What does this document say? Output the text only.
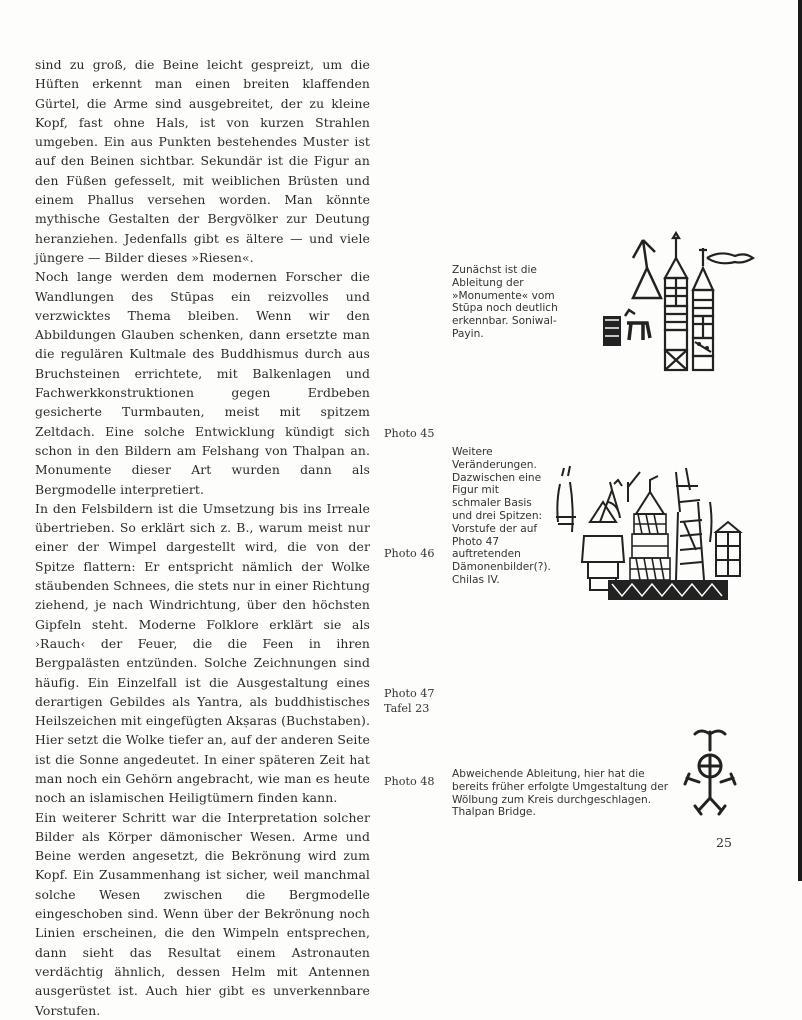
sind zu groß, die Beine leicht gespreizt, um die Hüften erkennt man einen breiten klaffenden Gürtel, die Arme sind ausgebreitet, der zu kleine Kopf, fast ohne Hals, ist von kurzen Strahlen umgeben. Ein aus Punkten bestehendes Muster ist auf den Beinen sichtbar. Sekundär ist die Figur an den Füßen gefesselt, mit weiblichen Brüsten und einem Phallus versehen worden. Man könnte mythische Gestalten der Bergvölker zur Deutung heranziehen. Jedenfalls gibt es ältere — und viele jüngere — Bilder dieses »Riesen«.

Noch lange werden dem modernen Forscher die Wandlungen des Stūpas ein reizvolles und verzwicktes Thema bleiben. Wenn wir den Abbildungen Glauben schenken, dann ersetzte man die regulären Kultmale des Buddhismus durch aus Bruchsteinen errichtete, mit Balkenlagen und Fachwerkkonstruktionen gegen Erdbeben gesicherte Turmbauten, meist mit spitzem Zeltdach. Eine solche Entwicklung kündigt sich schon in den Bildern am Felshang von Thalpan an. Monumente dieser Art wurden dann als Bergmodelle interpretiert.

In den Felsbildern ist die Umsetzung bis ins Irreale übertrieben. So erklärt sich z. B., warum meist nur einer der Wimpel dargestellt wird, die von der Spitze flattern: Er entspricht nämlich der Wolke stäubenden Schnees, die stets nur in einer Richtung ziehend, je nach Windrichtung, über den höchsten Gipfeln steht. Moderne Folklore erklärt sie als ›Rauch‹ der Feuer, die die Feen in ihren Bergpalästen entzünden. Solche Zeichnungen sind häufig. Ein Einzelfall ist die Ausgestaltung eines derartigen Gebildes als Yantra, als buddhistisches Heilszeichen mit eingefügten Akṣaras (Buchstaben). Hier setzt die Wolke tiefer an, auf der anderen Seite ist die Sonne angedeutet. In einer späteren Zeit hat man noch ein Gehörn angebracht, wie man es heute noch an islamischen Heiligtümern finden kann.

Ein weiterer Schritt war die Interpretation solcher Bilder als Körper dämonischer Wesen. Arme und Beine werden angesetzt, die Bekrönung wird zum Kopf. Ein Zusammenhang ist sicher, weil manchmal solche Wesen zwischen die Bergmodelle eingeschoben sind. Wenn über der Bekrönung noch Linien erscheinen, die den Wimpeln entsprechen, dann sieht das Resultat einem Astronauten verdächtig ähnlich, dessen Helm mit Antennen ausgerüstet ist. Auch hier gibt es unverkennbare Vorstufen.

Photo 45
Photo 46
Photo 47
Tafel 23
Photo 48
Zunächst ist die Ableitung der »Monumente« vom Stūpa noch deutlich erkennbar. Soniwal-Payin.
Weitere Veränderungen. Dazwischen eine Figur mit schmaler Basis und drei Spitzen: Vorstufe der auf Photo 47 auftretenden Dämonenbilder(?). Chilas IV.
Abweichende Ableitung, hier hat die bereits früher erfolgte Umgestaltung der Wölbung zum Kreis durchgeschlagen. Thalpan Bridge.
25
